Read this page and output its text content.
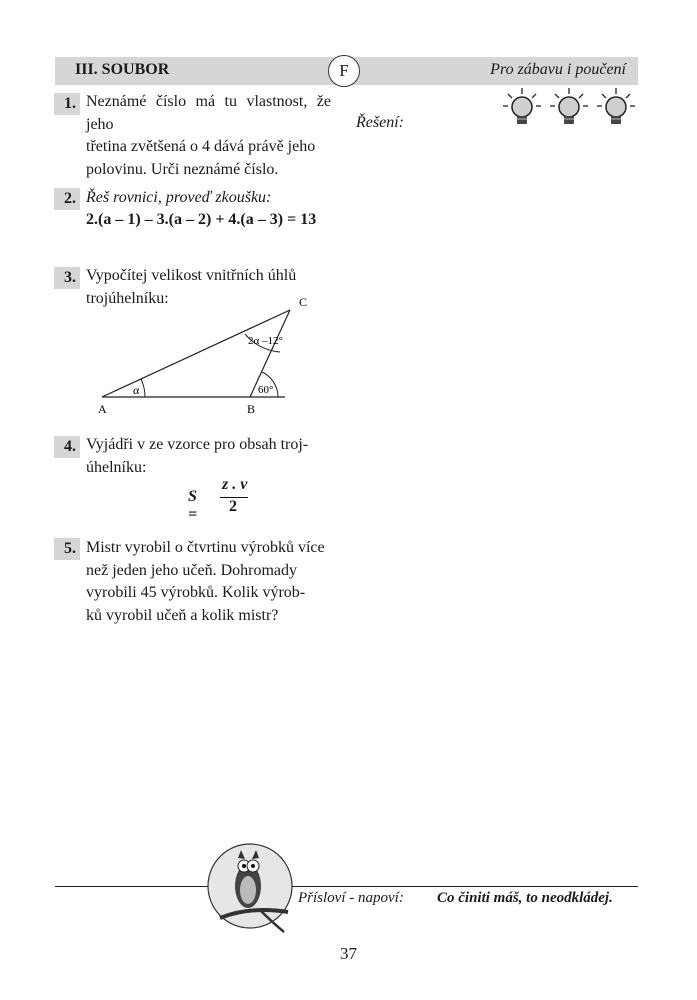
III. SOUBOR	F	Pro zábavu i poučení
Řešení:
1. Neznámé číslo má tu vlastnost, že jeho
třetina zvětšená o 4 dává právě jeho
polovinu. Urči neznámé číslo.
2. Řeš rovnici, proveď zkoušku:
2.(a – 1) – 3.(a – 2) + 4.(a – 3) = 13
3. Vypočítej velikost vnitřních úhlů
trojúhelníku:
α
2α –12°
60°
A	B
C
4. Vyjádři v ze vzorce pro obsah troj-
úhelníku:
S =
z . v
2
5. Mistr vyrobil o čtvrtinu výrobků více
než jeden jeho učeň. Dohromady
vyrobili 45 výrobků. Kolik výrob-
ků vyrobil učeň a kolik mistr?
Přísloví - napoví: Co činiti máš, to neodkládej.
37
